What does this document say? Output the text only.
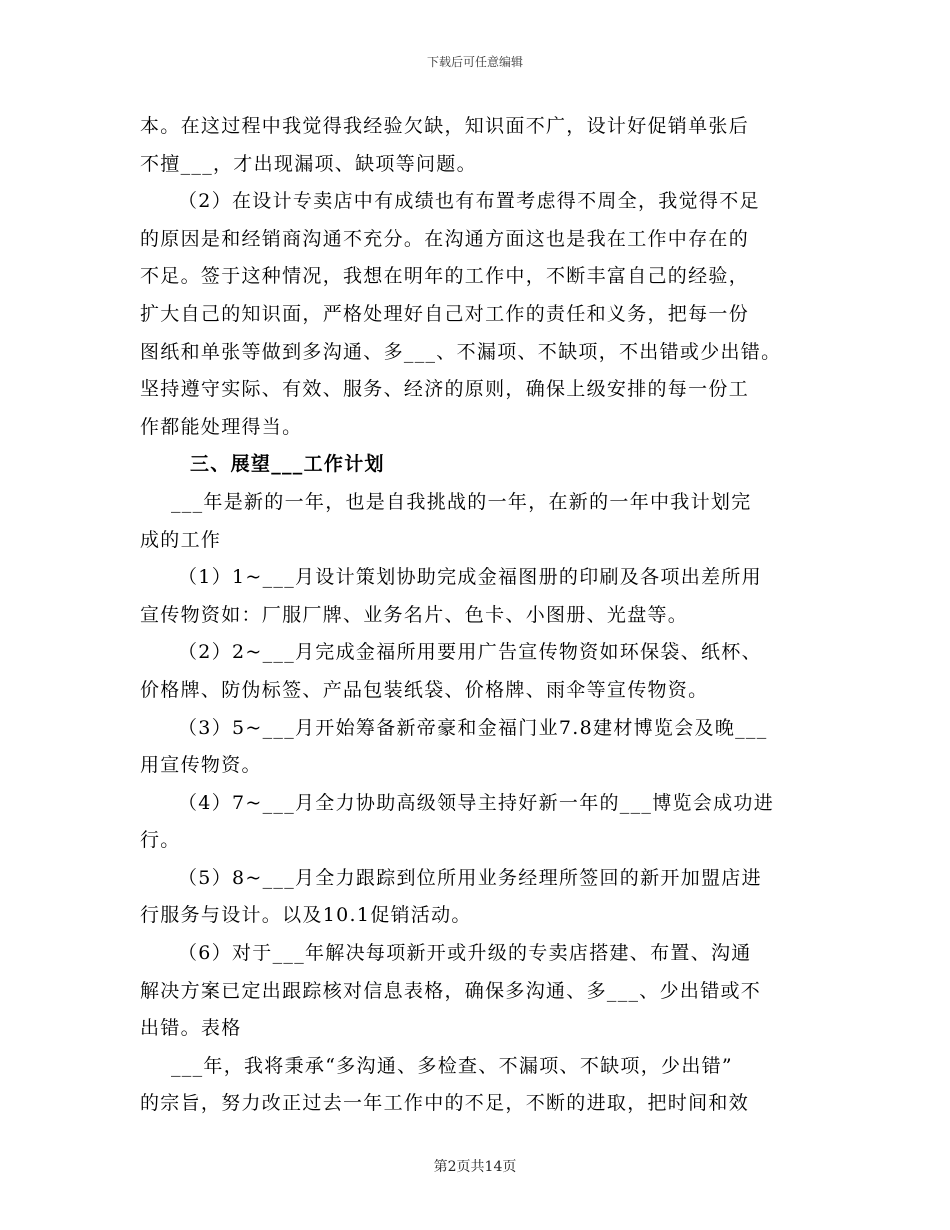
下载后可任意编辑
本。在这过程中我觉得我经验欠缺，知识面不广，设计好促销单张后
不擅___，才出现漏项、缺项等问题。
（2）在设计专卖店中有成绩也有布置考虑得不周全，我觉得不足
的原因是和经销商沟通不充分。在沟通方面这也是我在工作中存在的
不足。签于这种情况，我想在明年的工作中，不断丰富自己的经验，
扩大自己的知识面，严格处理好自己对工作的责任和义务，把每一份
图纸和单张等做到多沟通、多___、不漏项、不缺项，不出错或少出错。
坚持遵守实际、有效、服务、经济的原则，确保上级安排的每一份工
作都能处理得当。
三、展望___工作计划
___年是新的一年，也是自我挑战的一年，在新的一年中我计划完
成的工作
（1）1~___月设计策划协助完成金福图册的印刷及各项出差所用
宣传物资如：厂服厂牌、业务名片、色卡、小图册、光盘等。
（2）2~___月完成金福所用要用广告宣传物资如环保袋、纸杯、
价格牌、防伪标签、产品包装纸袋、价格牌、雨伞等宣传物资。
（3）5~___月开始筹备新帝豪和金福门业7.8建材博览会及晚___
用宣传物资。
（4）7~___月全力协助高级领导主持好新一年的___博览会成功进
行。
（5）8~___月全力跟踪到位所用业务经理所签回的新开加盟店进
行服务与设计。以及10.1促销活动。
（6）对于___年解决每项新开或升级的专卖店搭建、布置、沟通
解决方案已定出跟踪核对信息表格，确保多沟通、多___、少出错或不
出错。表格
___年，我将秉承“多沟通、多检查、不漏项、不缺项，少出错”
的宗旨，努力改正过去一年工作中的不足，不断的进取，把时间和效
第2页共14页
